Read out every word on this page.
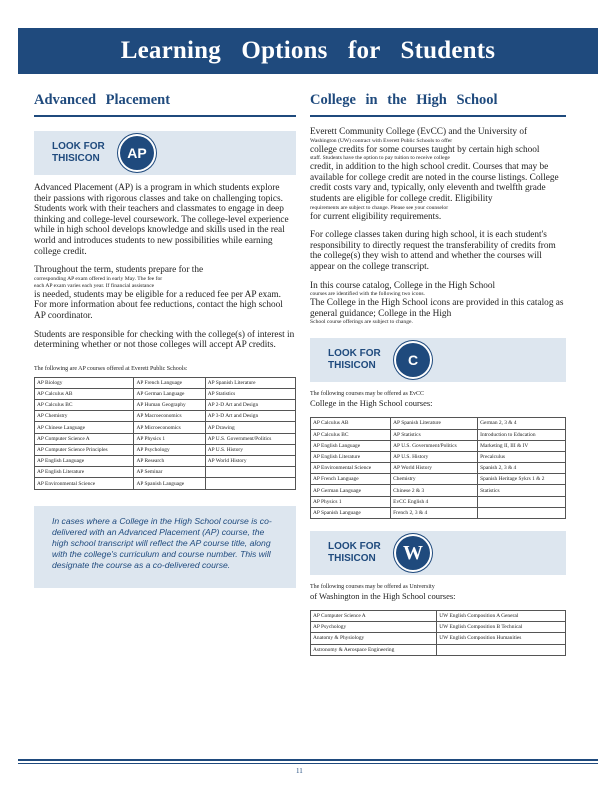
Learning Options for Students
Advanced Placement
LOOK FOR
THISICON	AP

Advanced Placement (AP) is a program in which students explore their passions with rigorous classes and take on challenging topics. Students work with their teachers and classmates to engage in deep thinking and college-level coursework. The college-level experience while in high school develops knowledge and skills used in the real world and introduces students to new possibilities while earning college credit.

Throughout the term, students prepare for the
corresponding AP exam offered in early May. The fee for
each AP exam varies each year. If financial assistance
is needed, students may be eligible for a reduced fee per AP exam. For more information about fee reductions, contact the high school AP coordinator.

Students are responsible for checking with the college(s) of interest in determining whether or not those colleges will accept AP credits.

The following are AP courses offered at Everett Public Schools:
AP Biology	AP French Language	AP Spanish Literature
AP Calculus AB	AP German Language	AP Statistics
AP Calculus BC	AP Human Geography	AP 2-D Art and Design
AP Chemistry	AP Macroeconomics	AP 3-D Art and Design
AP Chinese Language	AP Microeconomics	AP Drawing
AP Computer Science A	AP Physics 1	AP U.S. Government/Politics
AP Computer Science Principles	AP Psychology	AP U.S. History
AP English Language	AP Research	AP World History
AP English Literature	AP Seminar	
AP Environmental Science	AP Spanish Language	
In cases where a College in the High School course is co-delivered with an Advanced Placement (AP) course, the high school transcript will reflect the AP course title, along with the college's curriculum and course number. This will designate the course as a co-delivered course.
College in the High School

Everett Community College (EvCC) and the University of
Washington (UW) contract with Everett Public Schools to offer
college credits for some courses taught by certain high school
staff. Students have the option to pay tuition to receive college
credit, in addition to the high school credit. Courses that may be available for college credit are noted in the course listings. College credit costs vary and, typically, only eleventh and twelfth grade students are eligible for college credit. Eligibility
requirements are subject to change. Please see your counselor
for current eligibility requirements.

For college classes taken during high school, it is each student's responsibility to directly request the transferability of credits from the college(s) they wish to attend and whether the courses will appear on the college transcript.

In this course catalog, College in the High School
courses are identified with the following two icons.
The College in the High School icons are provided in this catalog as general guidance; College in the High
School course offerings are subject to change.

LOOK FOR
THISICON	C
The following courses may be offered as EvCC
College in the High School courses:
AP Calculus AB	AP Spanish Literature	German 2, 3 & 4
AP Calculus BC	AP Statistics	Introduction to Education
AP English Language	AP U.S. Government/Politics	Marketing II, III & IV
AP English Literature	AP U.S. History	Precalculus
AP Environmental Science	AP World History	Spanish 2, 3 & 4
AP French Language	Chemistry	Spanish Heritage Sykrs 1 & 2
AP German Language	Chinese 2 & 3	Statistics
AP Physics 1	EvCC English 4	
AP Spanish Language	French 2, 3 & 4	
LOOK FOR
THISICON	W
The following courses may be offered as University
of Washington in the High School courses:
AP Computer Science A	UW English Composition A General
AP Psychology	UW English Composition B Technical
Anatomy & Physiology	UW English Composition Humanities
Astronomy & Aerospace Engineering	
11
